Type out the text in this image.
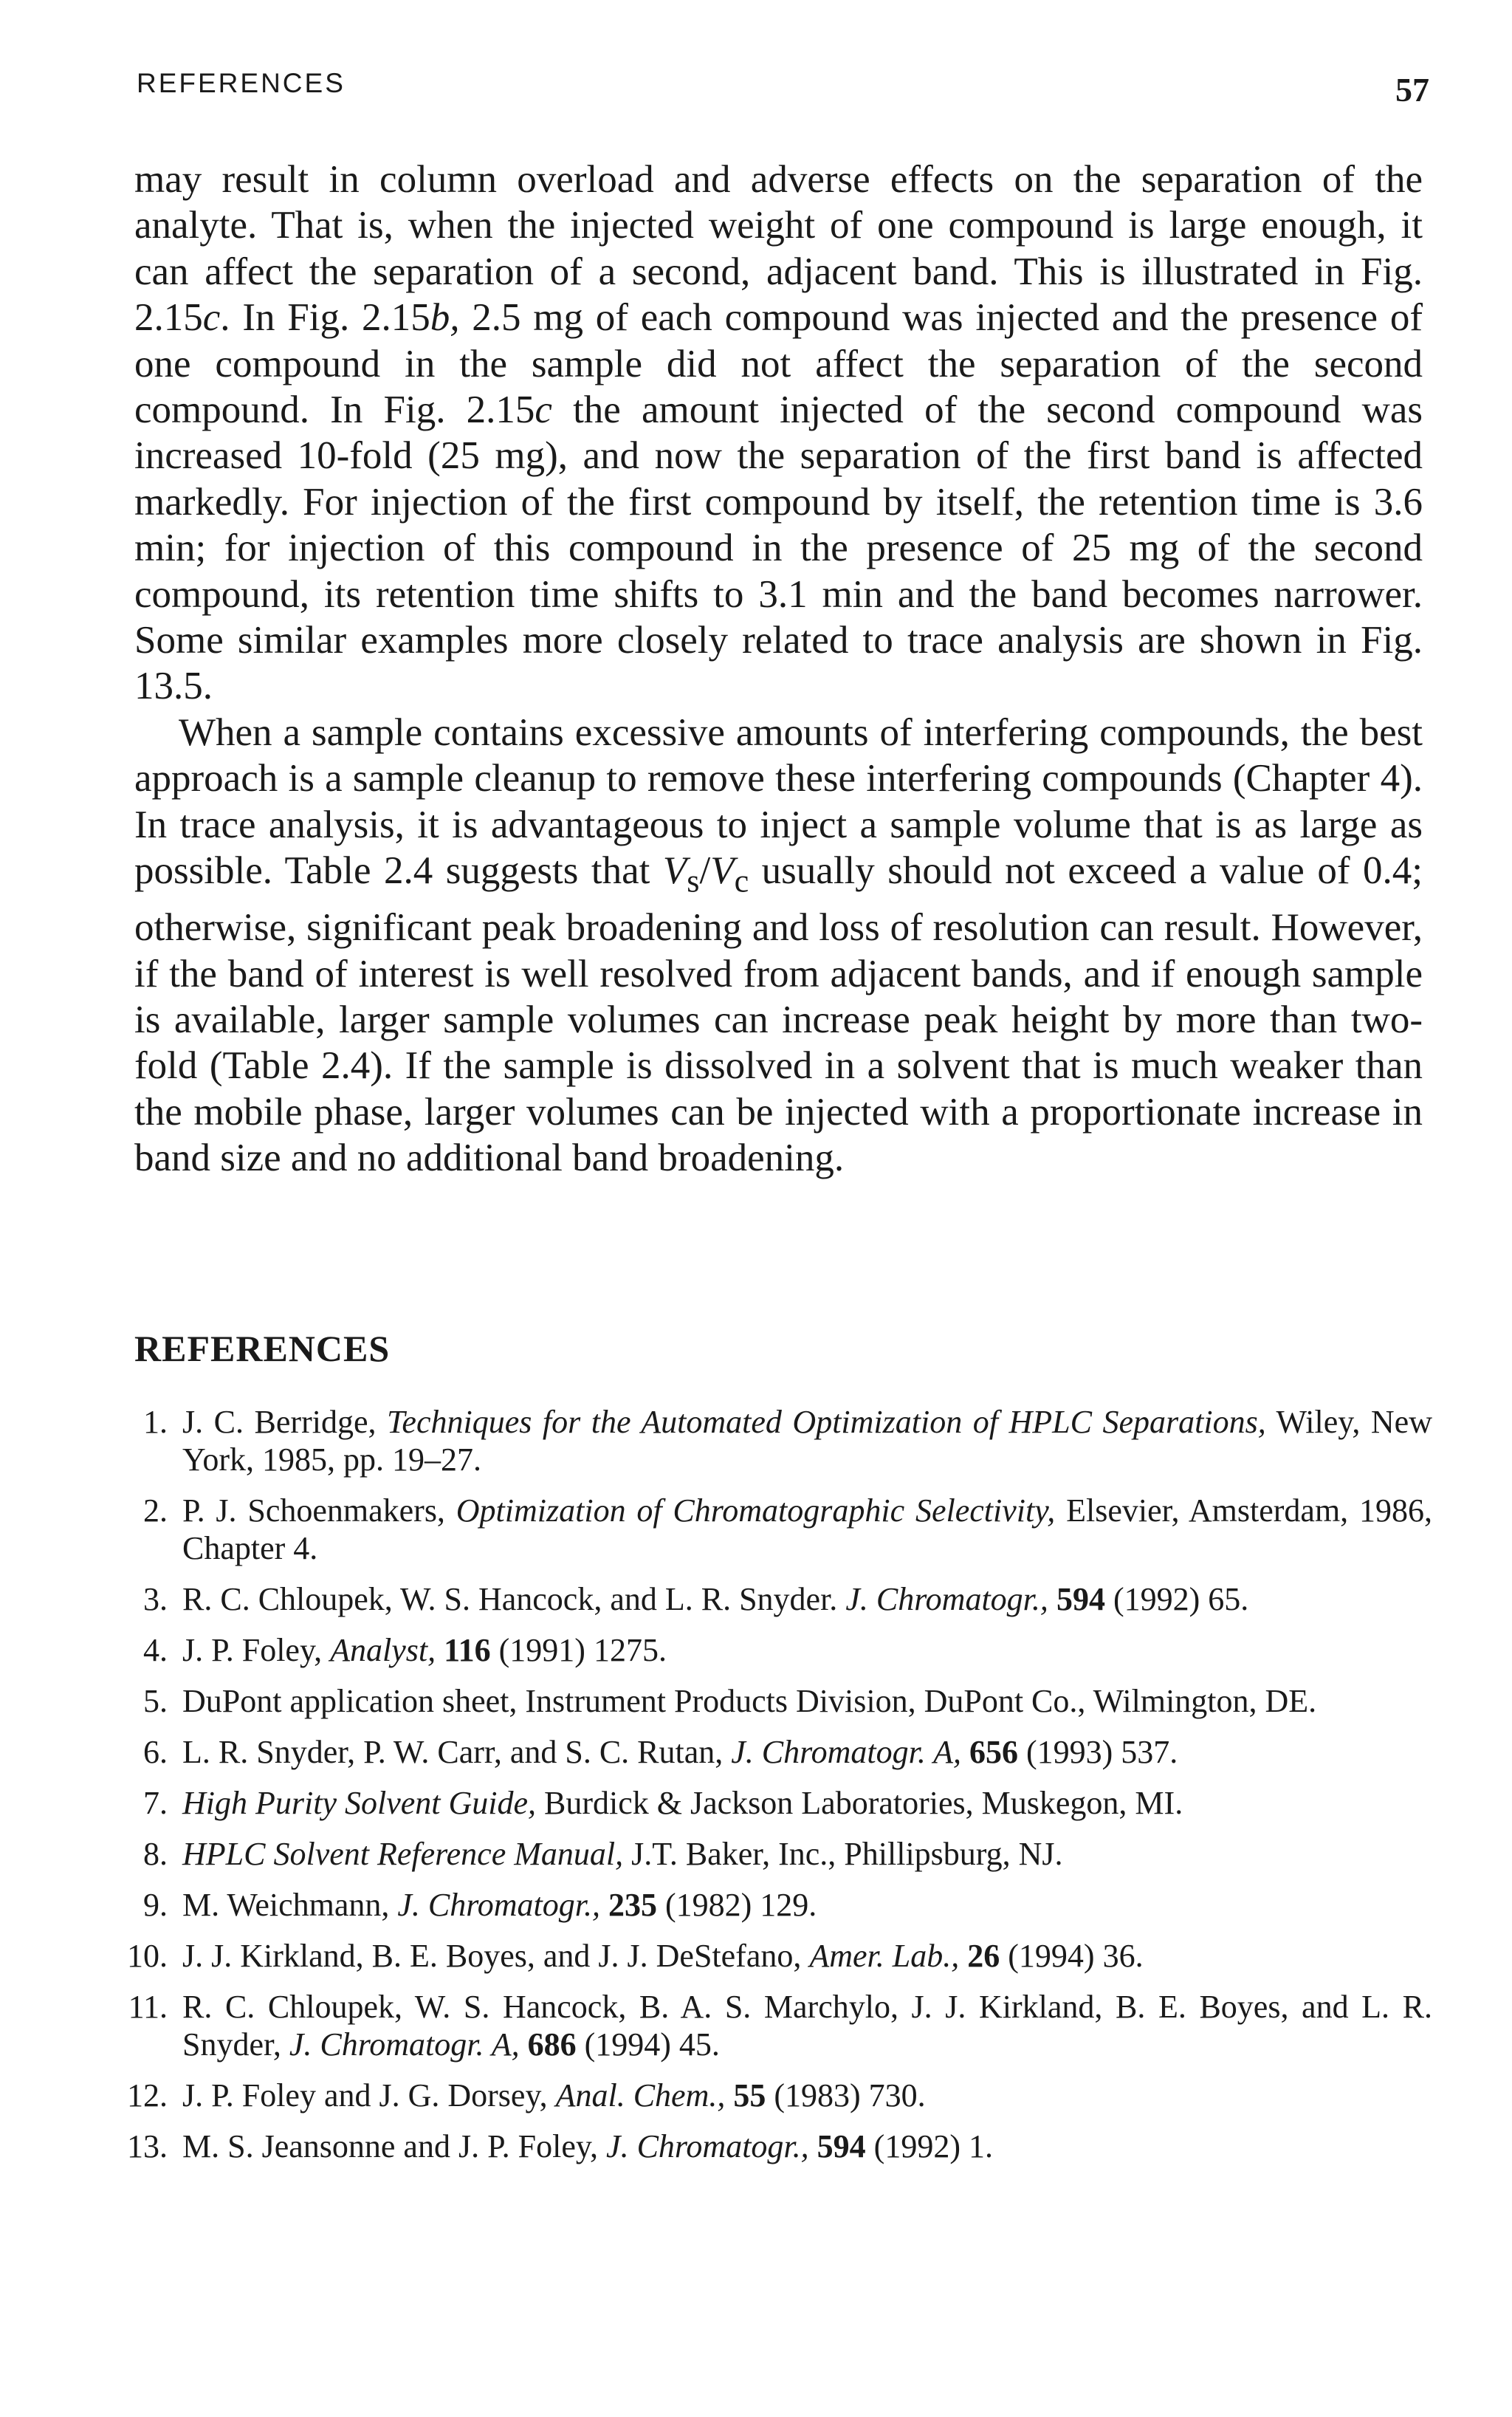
REFERENCES	57

may result in column overload and adverse effects on the separation of the analyte. That is, when the injected weight of one compound is large enough, it can affect the separation of a second, adjacent band. This is illustrated in Fig. 2.15c. In Fig. 2.15b, 2.5 mg of each compound was injected and the presence of one compound in the sample did not affect the separation of the second compound. In Fig. 2.15c the amount injected of the second compound was increased 10-fold (25 mg), and now the separation of the first band is affected markedly. For injection of the first compound by itself, the retention time is 3.6 min; for injection of this compound in the presence of 25 mg of the second compound, its retention time shifts to 3.1 min and the band becomes narrower. Some similar examples more closely related to trace analysis are shown in Fig. 13.5.

When a sample contains excessive amounts of interfering compounds, the best approach is a sample cleanup to remove these interfering compounds (Chapter 4). In trace analysis, it is advantageous to inject a sample volume that is as large as possible. Table 2.4 suggests that $V_s/V_c$ usually should not exceed a value of 0.4; otherwise, significant peak broadening and loss of resolution can result. However, if the band of interest is well resolved from adjacent bands, and if enough sample is available, larger sample volumes can increase peak height by more than two-fold (Table 2.4). If the sample is dissolved in a solvent that is much weaker than the mobile phase, larger volumes can be injected with a proportionate increase in band size and no additional band broadening.

REFERENCES
1. J. C. Berridge, Techniques for the Automated Optimization of HPLC Separations, Wiley, New York, 1985, pp. 19–27.
2. P. J. Schoenmakers, Optimization of Chromatographic Selectivity, Elsevier, Amsterdam, 1986, Chapter 4.
3. R. C. Chloupek, W. S. Hancock, and L. R. Snyder. J. Chromatogr., 594 (1992) 65.
4. J. P. Foley, Analyst, 116 (1991) 1275.
5. DuPont application sheet, Instrument Products Division, DuPont Co., Wilmington, DE.
6. L. R. Snyder, P. W. Carr, and S. C. Rutan, J. Chromatogr. A, 656 (1993) 537.
7. High Purity Solvent Guide, Burdick & Jackson Laboratories, Muskegon, MI.
8. HPLC Solvent Reference Manual, J.T. Baker, Inc., Phillipsburg, NJ.
9. M. Weichmann, J. Chromatogr., 235 (1982) 129.
10. J. J. Kirkland, B. E. Boyes, and J. J. DeStefano, Amer. Lab., 26 (1994) 36.
11. R. C. Chloupek, W. S. Hancock, B. A. S. Marchylo, J. J. Kirkland, B. E. Boyes, and L. R. Snyder, J. Chromatogr. A, 686 (1994) 45.
12. J. P. Foley and J. G. Dorsey, Anal. Chem., 55 (1983) 730.
13. M. S. Jeansonne and J. P. Foley, J. Chromatogr., 594 (1992) 1.
